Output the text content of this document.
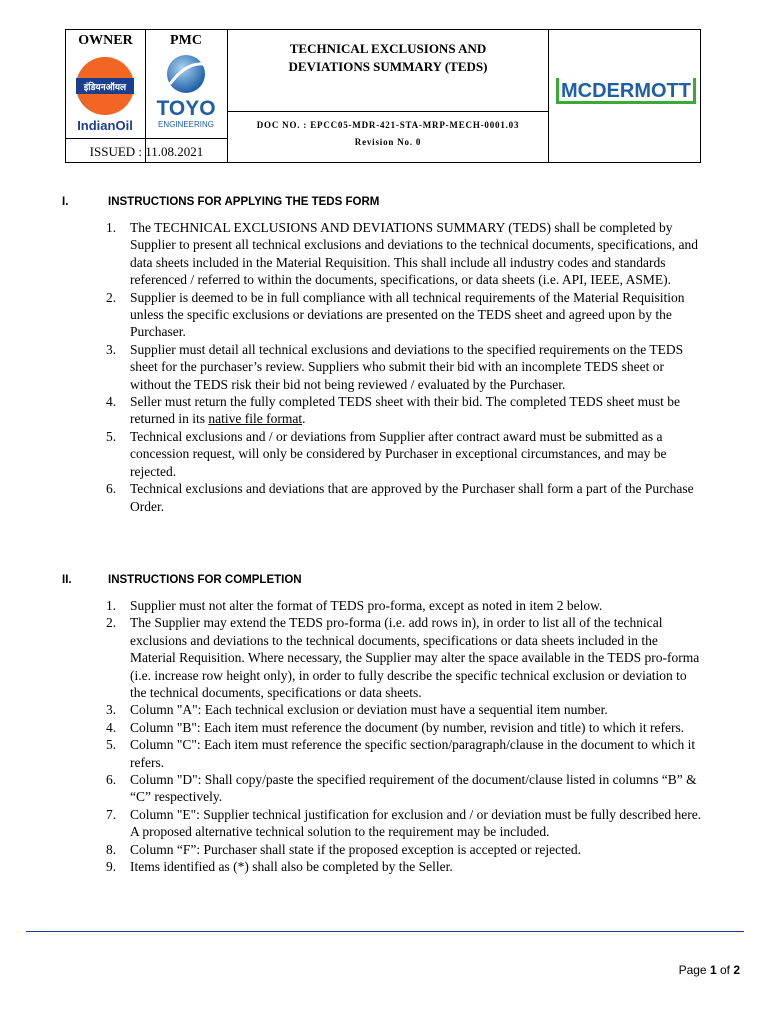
OWNER	PMC
इंडियनऑयल
IndianOil
TOYO
ENGINEERING
ISSUED : 11.08.2021
TECHNICAL EXCLUSIONS AND
DEVIATIONS SUMMARY (TEDS)
DOC NO. : EPCC05-MDR-421-STA-MRP-MECH-0001.03
Revision No. 0
MCDERMOTT
I.	INSTRUCTIONS FOR APPLYING THE TEDS FORM
1. The TECHNICAL EXCLUSIONS AND DEVIATIONS SUMMARY (TEDS) shall be completed by Supplier to present all technical exclusions and deviations to the technical documents, specifications, and data sheets included in the Material Requisition. This shall include all industry codes and standards referenced / referred to within the documents, specifications, or data sheets (i.e. API, IEEE, ASME).
2. Supplier is deemed to be in full compliance with all technical requirements of the Material Requisition unless the specific exclusions or deviations are presented on the TEDS sheet and agreed upon by the Purchaser.
3. Supplier must detail all technical exclusions and deviations to the specified requirements on the TEDS sheet for the purchaser’s review. Suppliers who submit their bid with an incomplete TEDS sheet or without the TEDS risk their bid not being reviewed / evaluated by the Purchaser.
4. Seller must return the fully completed TEDS sheet with their bid. The completed TEDS sheet must be returned in its native file format.
5. Technical exclusions and / or deviations from Supplier after contract award must be submitted as a concession request, will only be considered by Purchaser in exceptional circumstances, and may be rejected.
6. Technical exclusions and deviations that are approved by the Purchaser shall form a part of the Purchase Order.
II.	INSTRUCTIONS FOR COMPLETION
1. Supplier must not alter the format of TEDS pro-forma, except as noted in item 2 below.
2. The Supplier may extend the TEDS pro-forma (i.e. add rows in), in order to list all of the technical exclusions and deviations to the technical documents, specifications or data sheets included in the Material Requisition. Where necessary, the Supplier may alter the space available in the TEDS pro-forma (i.e. increase row height only), in order to fully describe the specific technical exclusion or deviation to the technical documents, specifications or data sheets.
3. Column "A": Each technical exclusion or deviation must have a sequential item number.
4. Column "B": Each item must reference the document (by number, revision and title) to which it refers.
5. Column "C": Each item must reference the specific section/paragraph/clause in the document to which it refers.
6. Column "D": Shall copy/paste the specified requirement of the document/clause listed in columns “B” & “C” respectively.
7. Column "E": Supplier technical justification for exclusion and / or deviation must be fully described here. A proposed alternative technical solution to the requirement may be included.
8. Column “F”: Purchaser shall state if the proposed exception is accepted or rejected.
9. Items identified as (*) shall also be completed by the Seller.
Page 1 of 2
